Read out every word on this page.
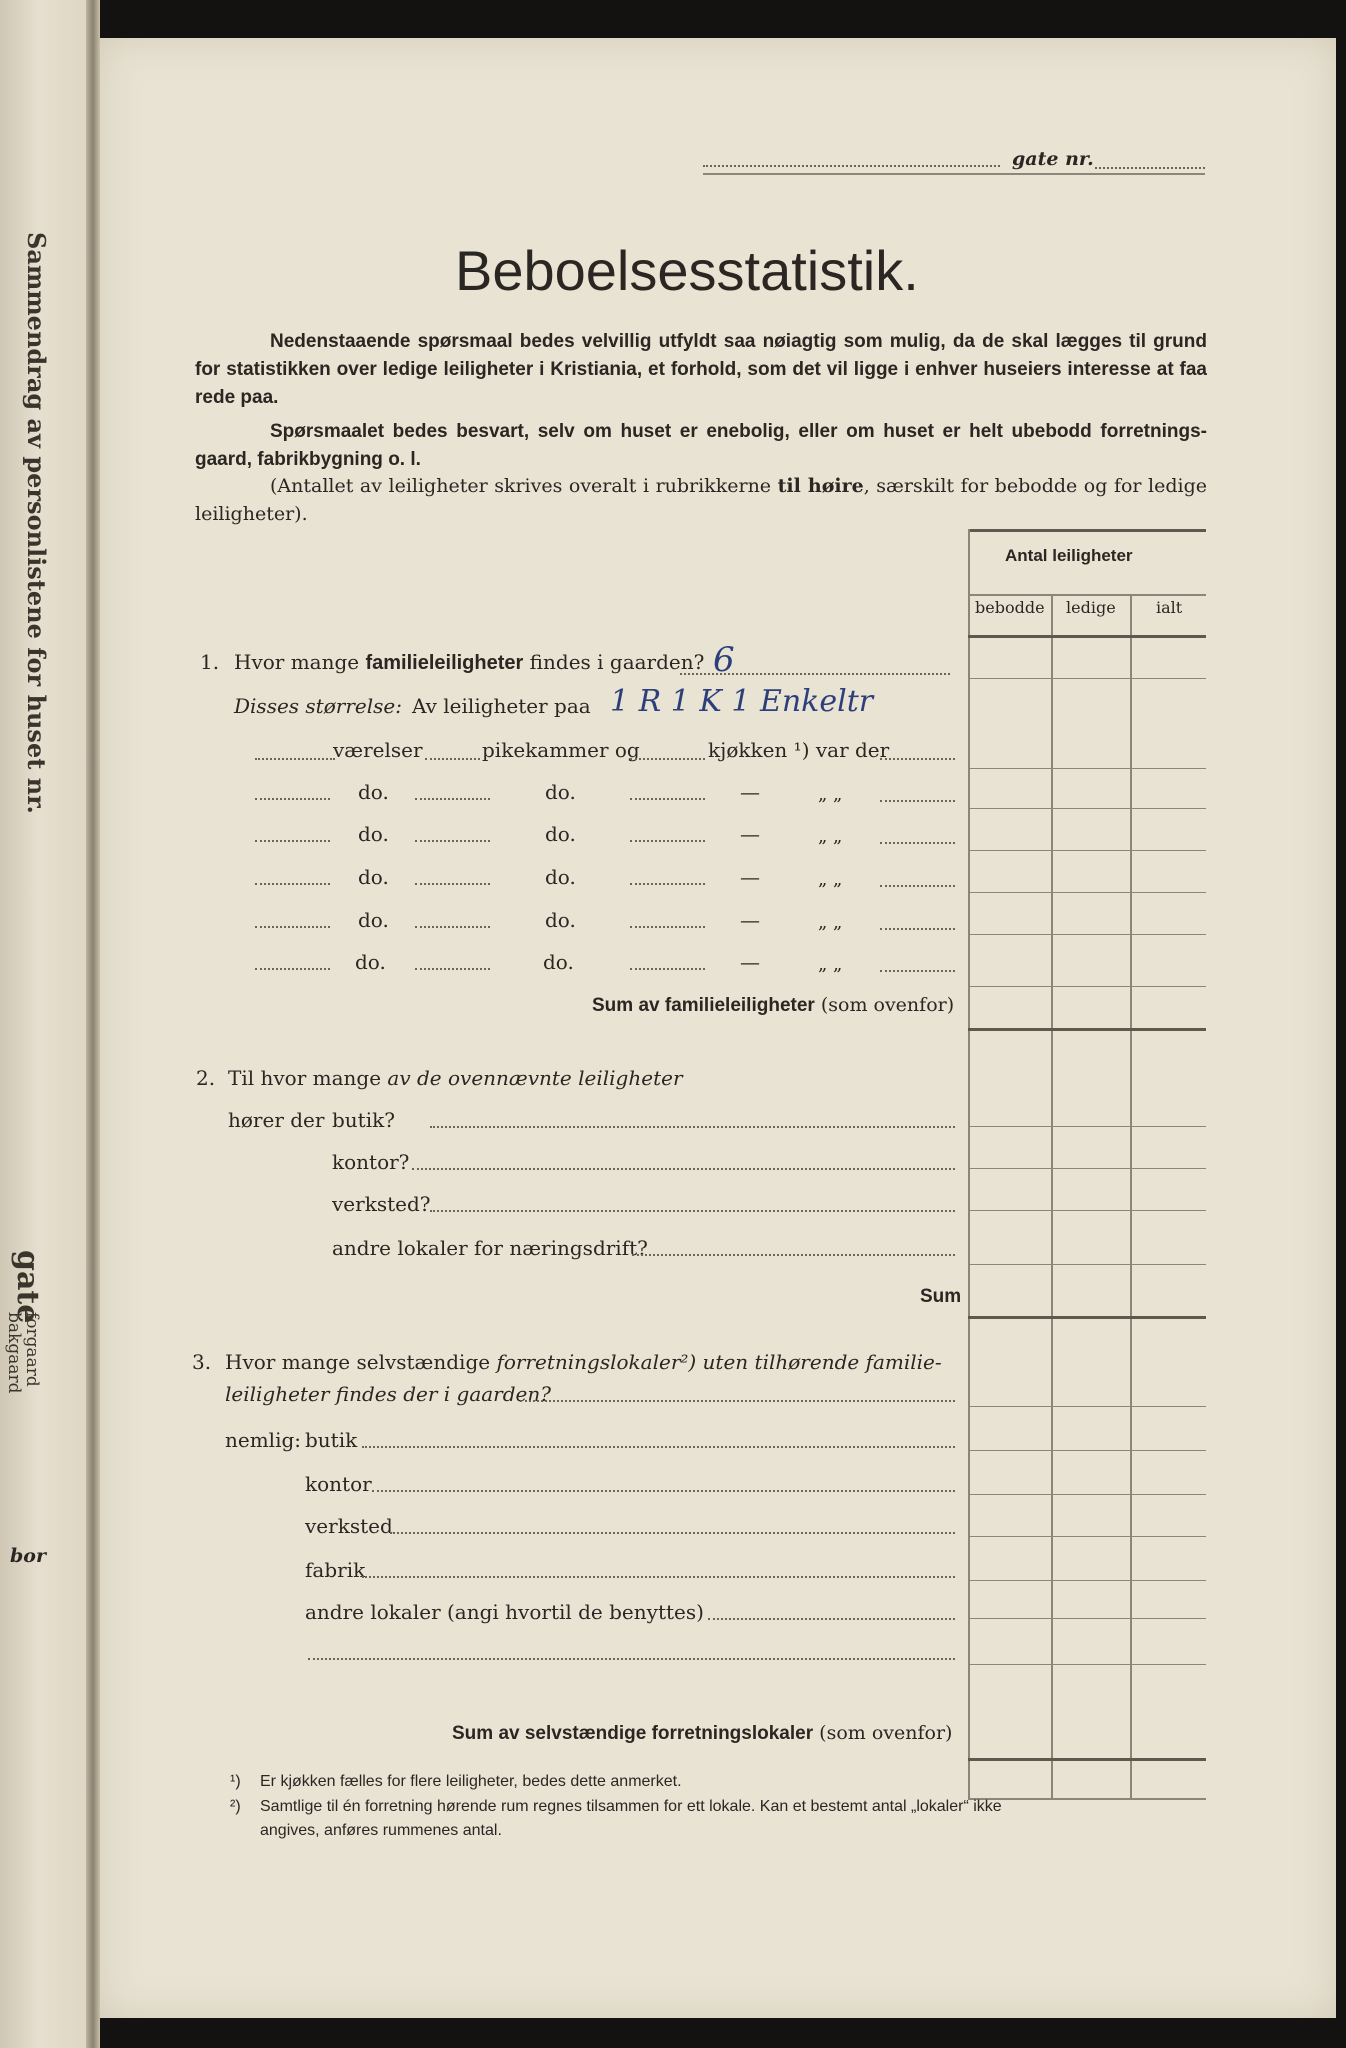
Sammendrag av personlistene for huset nr.
gate
forgaard
bakgaard
bor
gate nr.
Beboelsesstatistik.

Nedenstaaende spørsmaal bedes velvillig utfyldt saa nøiagtig som mulig, da de skal lægges til grund for statistikken over ledige leiligheter i Kristiania, et forhold, som det vil ligge i enhver huseiers interesse at faa rede paa.

Spørsmaalet bedes besvart, selv om huset er enebolig, eller om huset er helt ubebodd forretnings- gaard, fabrikbygning o. l.

(Antallet av leiligheter skrives overalt i rubrikkerne til høire, særskilt for bebodde og for ledige leiligheter).

Antal leiligheter
bebodde ledige	ialt
1. Hvor mange familieleiligheter findes i gaarden? 6
Disses størrelse: Av leiligheter paa 1 R 1 K 1 Enkeltr
værelser	pikekammer og	kjøkken ¹) var der
do.	do.	—	„ „
do.	do.	—	„ „
do.	do.	—	„ „
do.	do.	—	„ „
do.	do.	—	„ „
Sum av familieleiligheter (som ovenfor)
2. Til hvor mange av de ovennævnte leiligheter
hører der butik?
kontor?
verksted?
andre lokaler for næringsdrift?
Sum
3. Hvor mange selvstændige forretningslokaler²) uten tilhørende familie-
leiligheter findes der i gaarden?
nemlig: butik
kontor
verksted
fabrik
andre lokaler (angi hvortil de benyttes)
Sum av selvstændige forretningslokaler (som ovenfor)
¹) Er kjøkken fælles for flere leiligheter, bedes dette anmerket.
²) Samtlige til én forretning hørende rum regnes tilsammen for ett lokale. Kan et bestemt antal „lokaler“ ikke
angives, anføres rummenes antal.
